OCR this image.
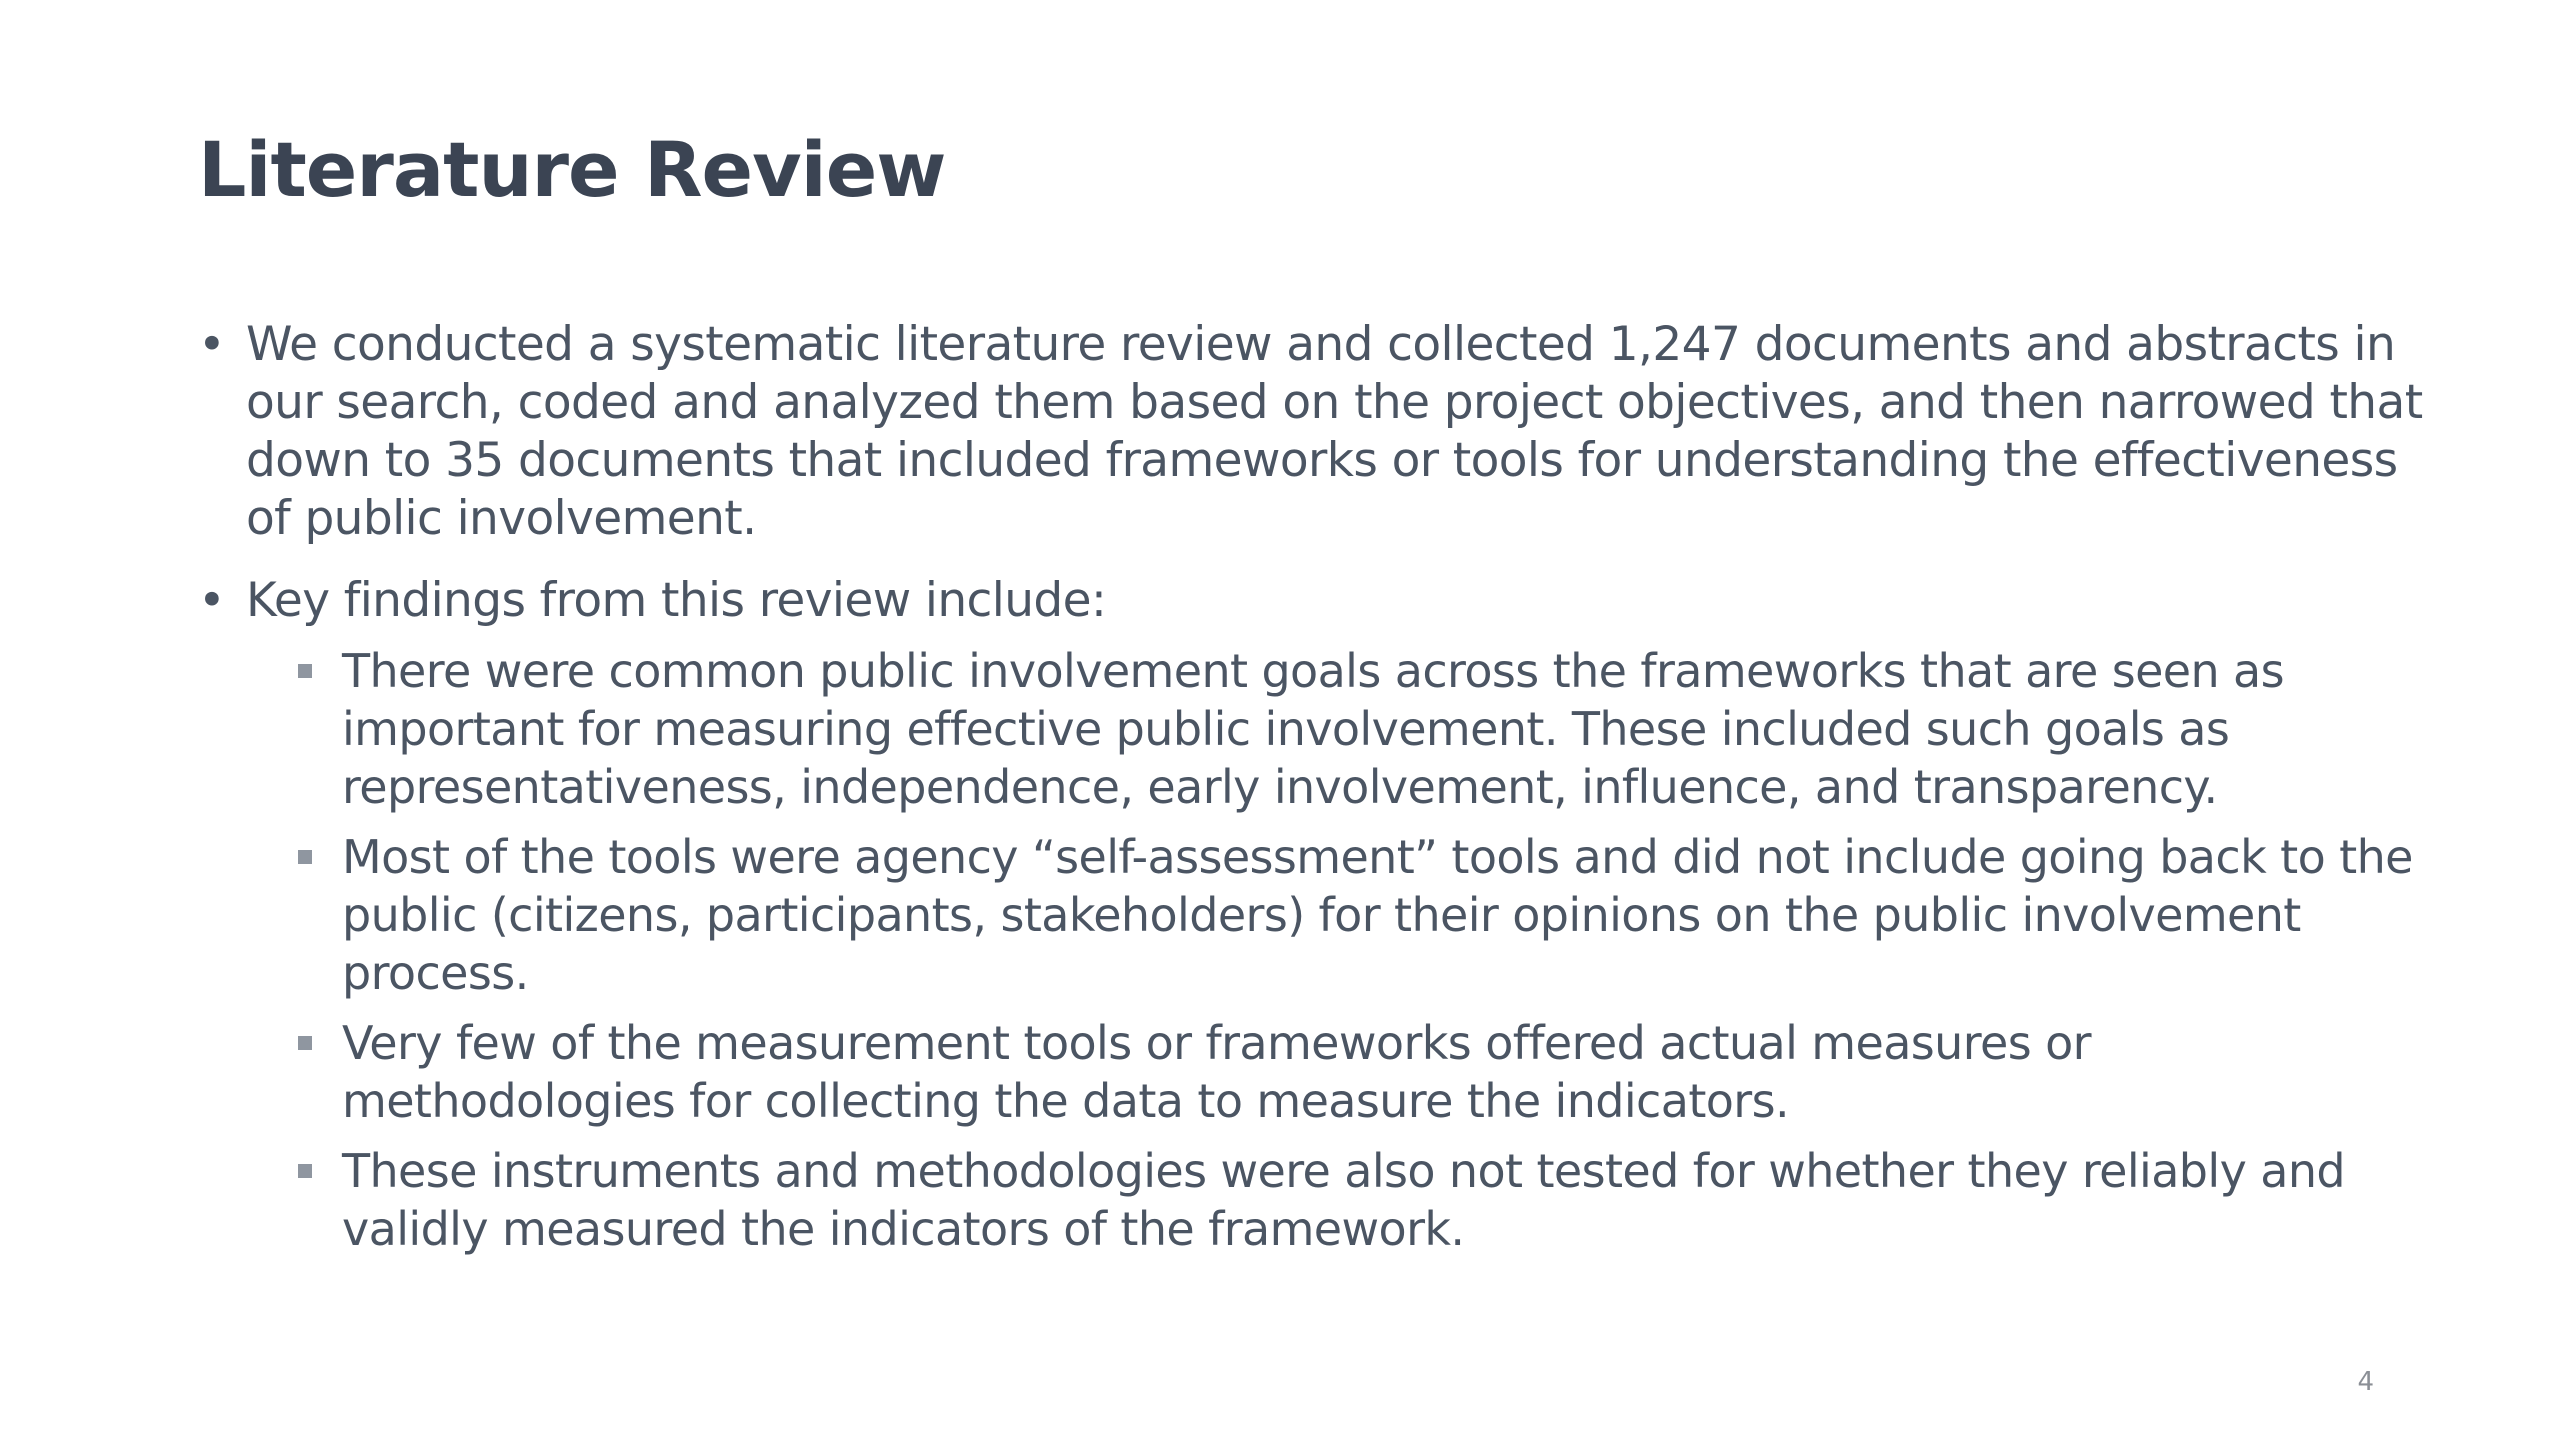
Literature Review
• We conducted a systematic literature review and collected 1,247 documents and abstracts in our search, coded and analyzed them based on the project objectives, and then narrowed that down to 35 documents that included frameworks or tools for understanding the effectiveness of public involvement.
• Key findings from this review include:
There were common public involvement goals across the frameworks that are seen as important for measuring effective public involvement. These included such goals as representativeness, independence, early involvement, influence, and transparency.
Most of the tools were agency “self-assessment” tools and did not include going back to the public (citizens, participants, stakeholders) for their opinions on the public involvement process.
Very few of the measurement tools or frameworks offered actual measures or methodologies for collecting the data to measure the indicators.
These instruments and methodologies were also not tested for whether they reliably and validly measured the indicators of the framework.
4
